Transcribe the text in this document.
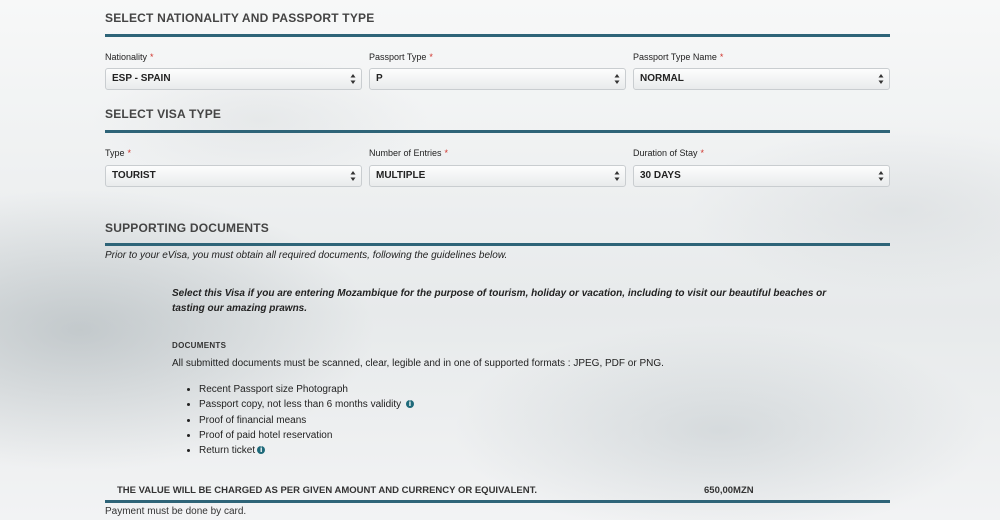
SELECT NATIONALITY AND PASSPORT TYPE
Nationality *
ESP - SPAIN
Passport Type *
P
Passport Type Name *
NORMAL
SELECT VISA TYPE
Type *
TOURIST
Number of Entries *
MULTIPLE
Duration of Stay *
30 DAYS
SUPPORTING DOCUMENTS
Prior to your eVisa, you must obtain all required documents, following the guidelines below.
Select this Visa if you are entering Mozambique for the purpose of tourism, holiday or vacation, including to visit our beautiful beaches or tasting our amazing prawns.
DOCUMENTS
All submitted documents must be scanned, clear, legible and in one of supported formats : JPEG, PDF or PNG.
• Recent Passport size Photograph
• Passport copy, not less than 6 months validity i
• Proof of financial means
• Proof of paid hotel reservation
• Return ticket i
THE VALUE WILL BE CHARGED AS PER GIVEN AMOUNT AND CURRENCY OR EQUIVALENT.	650,00MZN
Payment must be done by card.
